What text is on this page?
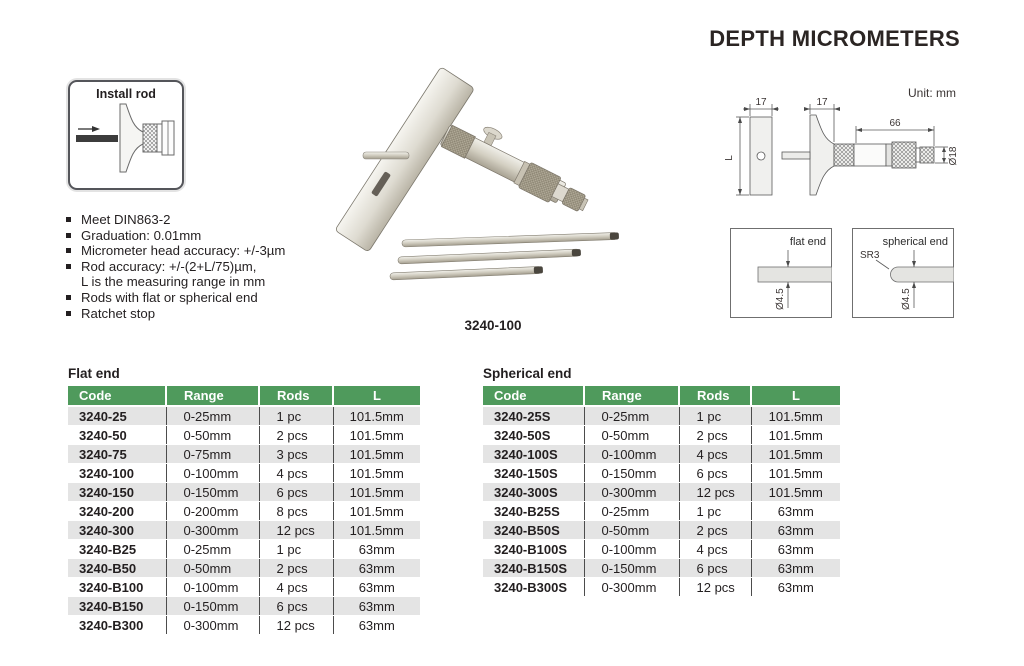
DEPTH MICROMETERS
Unit: mm
Install rod
Meet DIN863-2
Graduation: 0.01mm
Micrometer head accuracy: +/-3µm
Rod accuracy: +/-(2+L/75)µm,
L is the measuring range in mm
Rods with flat or spherical end
Ratchet stop
3240-100
17	17
66
L	Ø18
flat end
Ø4.5
spherical end
SR3
Ø4.5
Flat end
Code	Range	Rods	L
3240-25	0-25mm	1 pc	101.5mm
3240-50	0-50mm	2 pcs	101.5mm
3240-75	0-75mm	3 pcs	101.5mm
3240-100	0-100mm	4 pcs	101.5mm
3240-150	0-150mm	6 pcs	101.5mm
3240-200	0-200mm	8 pcs	101.5mm
3240-300	0-300mm	12 pcs	101.5mm
3240-B25	0-25mm	1 pc	63mm
3240-B50	0-50mm	2 pcs	63mm
3240-B100	0-100mm	4 pcs	63mm
3240-B150	0-150mm	6 pcs	63mm
3240-B300	0-300mm	12 pcs	63mm
Spherical end
Code	Range	Rods	L
3240-25S	0-25mm	1 pc	101.5mm
3240-50S	0-50mm	2 pcs	101.5mm
3240-100S	0-100mm	4 pcs	101.5mm
3240-150S	0-150mm	6 pcs	101.5mm
3240-300S	0-300mm	12 pcs	101.5mm
3240-B25S	0-25mm	1 pc	63mm
3240-B50S	0-50mm	2 pcs	63mm
3240-B100S	0-100mm	4 pcs	63mm
3240-B150S	0-150mm	6 pcs	63mm
3240-B300S	0-300mm	12 pcs	63mm
